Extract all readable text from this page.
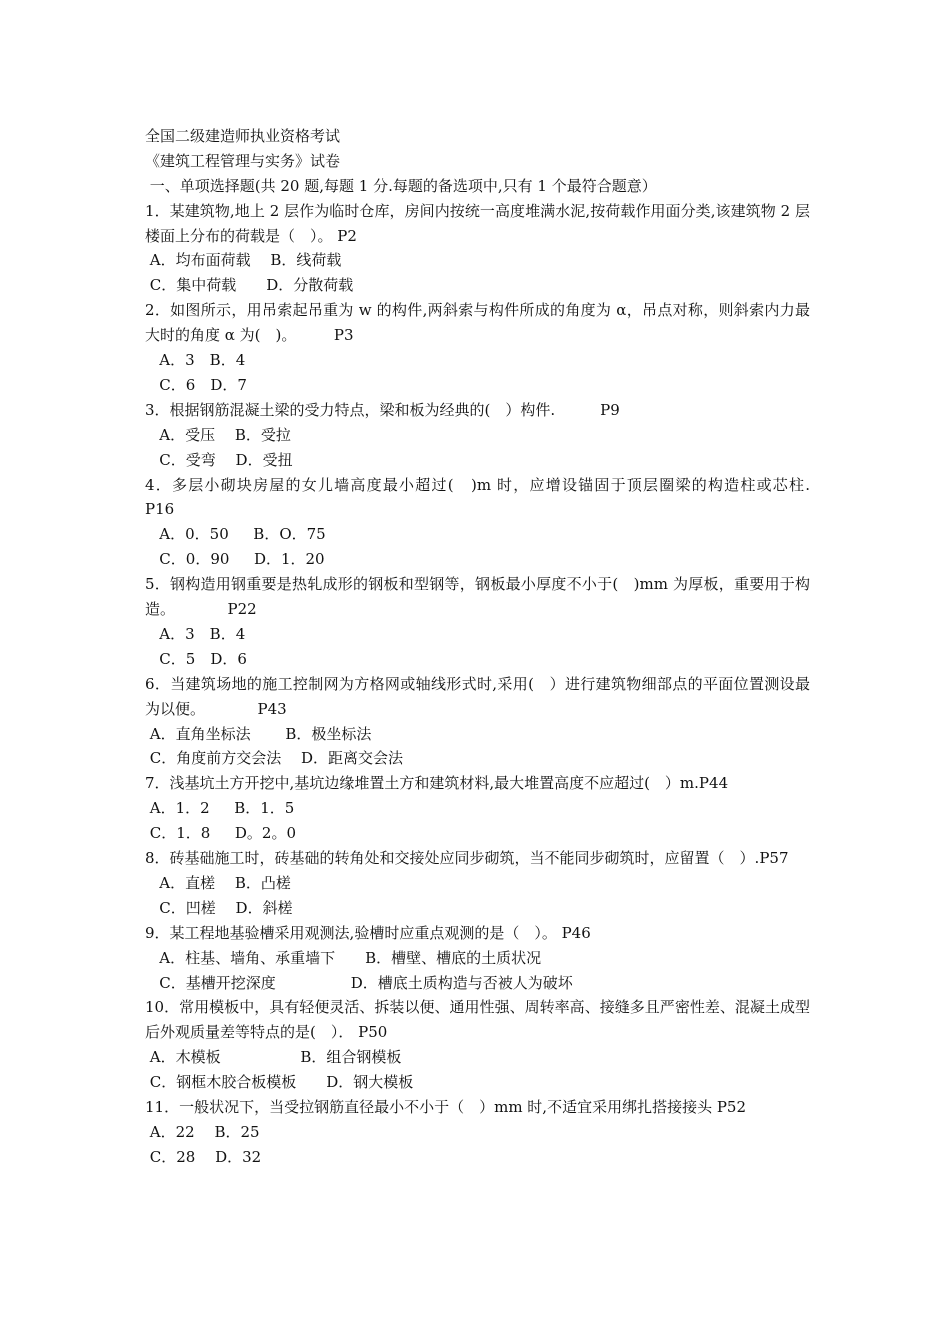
全国二级建造师执业资格考试
《建筑工程管理与实务》试卷
一、单项选择题(共 20 题,每题 1 分.每题的备选项中,只有 1 个最符合题意）
1．某建筑物,地上 2 层作为临时仓库，房间内按统一高度堆满水泥,按荷载作用面分类,该建筑物 2 层楼面上分布的荷载是（　）。 P2
A．均布面荷载　 B．线荷载
C．集中荷载　　D．分散荷载
2．如图所示，用吊索起吊重为 w 的构件,两斜索与构件所成的角度为 α，吊点对称，则斜索内力最大时的角度 α 为(　)。　　　P3
A．3　B．4
C．6　D．7
3．根据钢筋混凝土梁的受力特点，梁和板为经典的(　）构件.　　　P9
A．受压　 B．受拉
C．受弯　 D．受扭
4．多层小砌块房屋的女儿墙高度最小超过(　)m 时，应增设锚固于顶层圈梁的构造柱或芯柱.　　　P16
A．0．50　  B．O．75
C．0．90　  D．1．20
5．钢构造用钢重要是热轧成形的钢板和型钢等，钢板最小厚度不小于(　)mm 为厚板，重要用于构造。　　　　P22
A．3　B．4
C．5　D．6
6．当建筑场地的施工控制网为方格网或轴线形式时,采用(　）进行建筑物细部点的平面位置测设最为以便。　　　　P43
A．直角坐标法　　 B．极坐标法
C．角度前方交会法　 D．距离交会法
7．浅基坑土方开挖中,基坑边缘堆置土方和建筑材料,最大堆置高度不应超过(　）m.P44
A．1．2　  B．1．5
C．1．8　  D。2。0
8．砖基础施工时，砖基础的转角处和交接处应同步砌筑，当不能同步砌筑时，应留置（　）.P57
A．直槎　 B．凸槎
C．凹槎　 D．斜槎
9．某工程地基验槽采用观测法,验槽时应重点观测的是（　）。 P46
A．柱基、墙角、承重墙下　　B．槽壁、槽底的土质状况
C．基槽开挖深度　　　　　D．槽底土质构造与否被人为破坏
10．常用模板中，具有轻便灵活、拆装以便、通用性强、周转率高、接缝多且严密性差、混凝土成型后外观质量差等特点的是(　）． P50
A．木模板　　　　　 B．组合钢模板
C．钢框木胶合板模板　　D．钢大模板
11．一般状况下，当受拉钢筋直径最小不小于（　）mm 时,不适宜采用绑扎搭接接头 P52
A．22　 B．25
C．28　 D．32
